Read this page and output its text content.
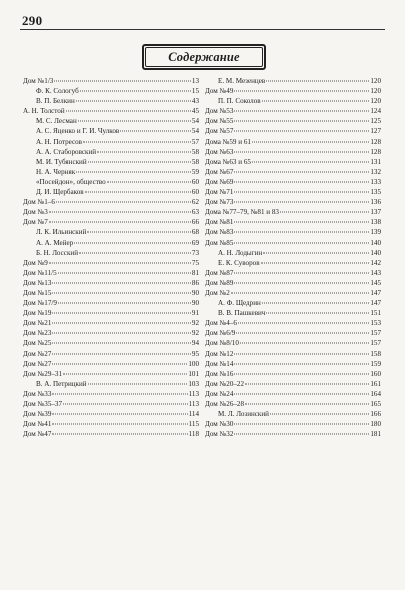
290
Содержание
Дом №1/3	13
Ф. К. Сологуб	15
В. П. Белкин	43
А. Н. Толстой	45
М. С. Лесман	54
А. С. Яценко и Г. И. Чулков	54
А. Н. Потресов	57
А. А. Стаборовский	58
М. И. Тубянский	58
Н. А. Черняк	59
«Посейдон», общество	60
Д. И. Щербаков	60
Дом №1–6	62
Дом №3	63
Дом №7	66
Л. К. Ильинский	68
А. А. Мейер	69
Б. Н. Лосский	73
Дом №9	75
Дом №11/5	81
Дом №13	86
Дом №15	90
Дом №17/9	90
Дом №19	91
Дом №21	92
Дом №23	92
Дом №25	94
Дом №27	95
Дом №27	100
Дом №29–31	101
В. А. Петрицкий	103
Дом №33	113
Дом №35–37	113
Дом №39	114
Дом №41	115
Дом №47	118
Е. М. Мезенцев	120
Дом №49	120
П. П. Соколов	120
Дом №53	124
Дом №55	125
Дом №57	127
Дома №59 и 61	128
Дом №63	128
Дома №63 и 65	131
Дом №67	132
Дом №69	133
Дом №71	135
Дом №73	136
Дома №77–79, №81 и 83	137
Дом №81	138
Дом №83	139
Дом №85	140
А. Н. Лодыгин	140
Е. К. Суворов	142
Дом №87	143
Дом №89	145
Дом №2	147
А. Ф. Щедрин	147
В. В. Пашкевич	151
Дом №4–6	153
Дом №6/9	157
Дом №8/10	157
Дом №12	158
Дом №14	159
Дом №16	160
Дом №20–22	161
Дом №24	164
Дом №26–28	165
М. Л. Лозинский	166
Дом №30	180
Дом №32	181
